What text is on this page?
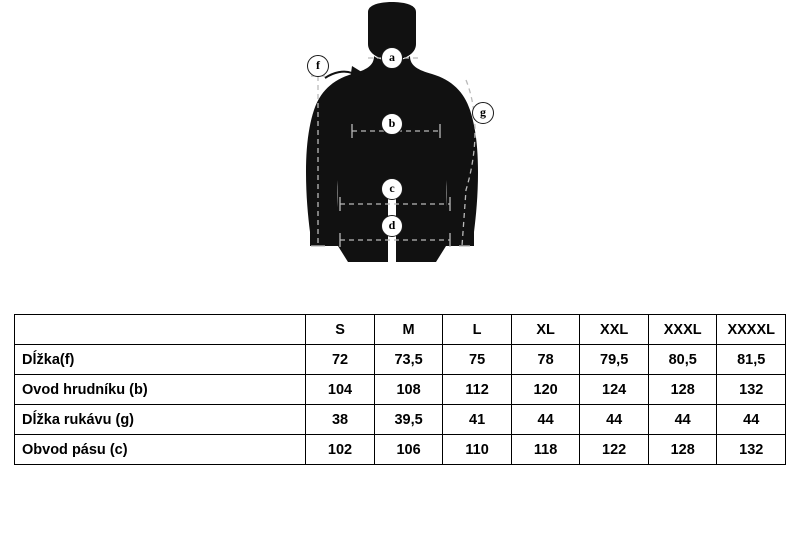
a
b
c
d
f
g
	S	M	L	XL	XXL	XXXL	XXXXL
Dĺžka(f)	72	73,5	75	78	79,5	80,5	81,5
Ovod hrudníku (b)	104	108	112	120	124	128	132
Dĺžka rukávu (g)	38	39,5	41	44	44	44	44
Obvod pásu (c)	102	106	110	118	122	128	132
